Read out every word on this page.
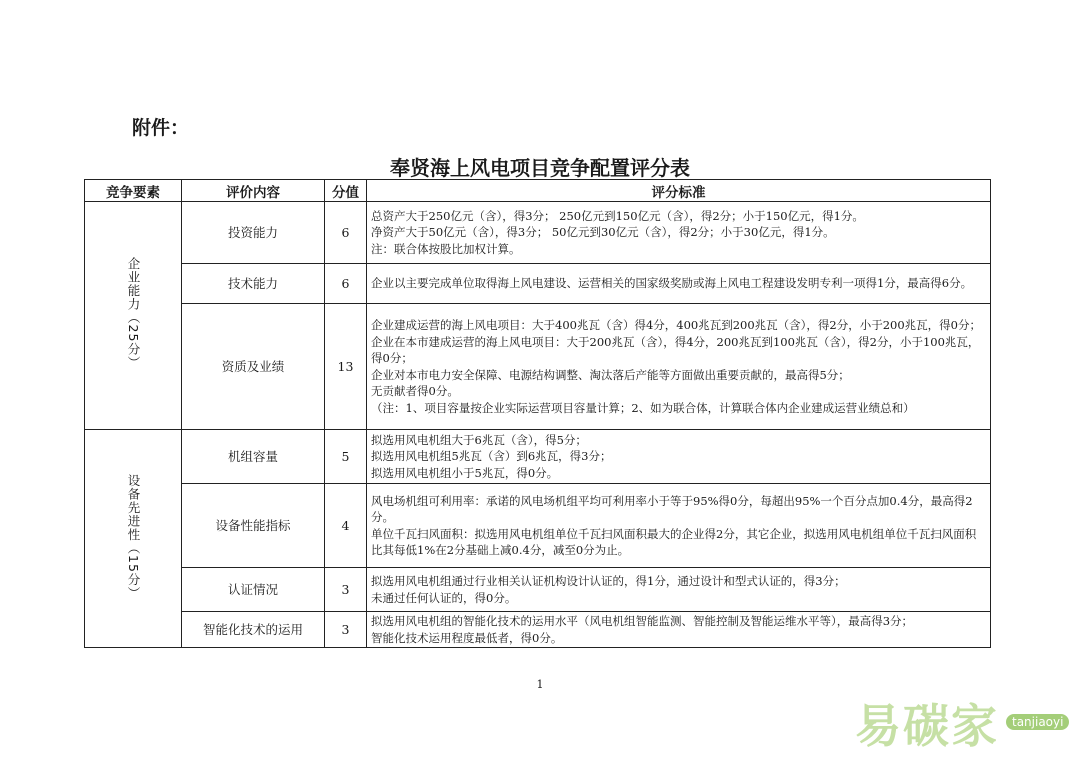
附件：
奉贤海上风电项目竞争配置评分表
竞争要素	评价内容	分值	评分标准
企业能力（25分）	投资能力	6	总资产大于250亿元（含），得3分； 250亿元到150亿元（含），得2分；小于150亿元，得1分。
净资产大于50亿元（含），得3分； 50亿元到30亿元（含），得2分；小于30亿元，得1分。
注：联合体按股比加权计算。

	技术能力	6	企业以主要完成单位取得海上风电建设、运营相关的国家级奖励或海上风电工程建设发明专利一项得1分，最高得6分。

	资质及业绩	13	企业建成运营的海上风电项目：大于400兆瓦（含）得4分，400兆瓦到200兆瓦（含），得2分，小于200兆瓦，得0分；
企业在本市建成运营的海上风电项目：大于200兆瓦（含），得4分，200兆瓦到100兆瓦（含），得2分，小于100兆瓦，得0分；
企业对本市电力安全保障、电源结构调整、淘汰落后产能等方面做出重要贡献的，最高得5分；
无贡献者得0分。
（注：1、项目容量按企业实际运营项目容量计算；2、如为联合体，计算联合体内企业建成运营业绩总和）

设备先进性（15分）	机组容量	5	拟选用风电机组大于6兆瓦（含），得5分；
拟选用风电机组5兆瓦（含）到6兆瓦，得3分；
拟选用风电机组小于5兆瓦，得0分。

	设备性能指标	4	风电场机组可利用率：承诺的风电场机组平均可利用率小于等于95%得0分，每超出95%一个百分点加0.4分，最高得2分。
单位千瓦扫风面积：拟选用风电机组单位千瓦扫风面积最大的企业得2分，其它企业，拟选用风电机组单位千瓦扫风面积比其每低1%在2分基础上减0.4分，减至0分为止。

	认证情况	3	拟选用风电机组通过行业相关认证机构设计认证的，得1分，通过设计和型式认证的，得3分；
未通过任何认证的，得0分。

	智能化技术的运用	3	拟选用风电机组的智能化技术的运用水平（风电机组智能监测、智能控制及智能运维水平等），最高得3分；
智能化技术运用程度最低者，得0分。
1
易碳家	tanjiaoyi
